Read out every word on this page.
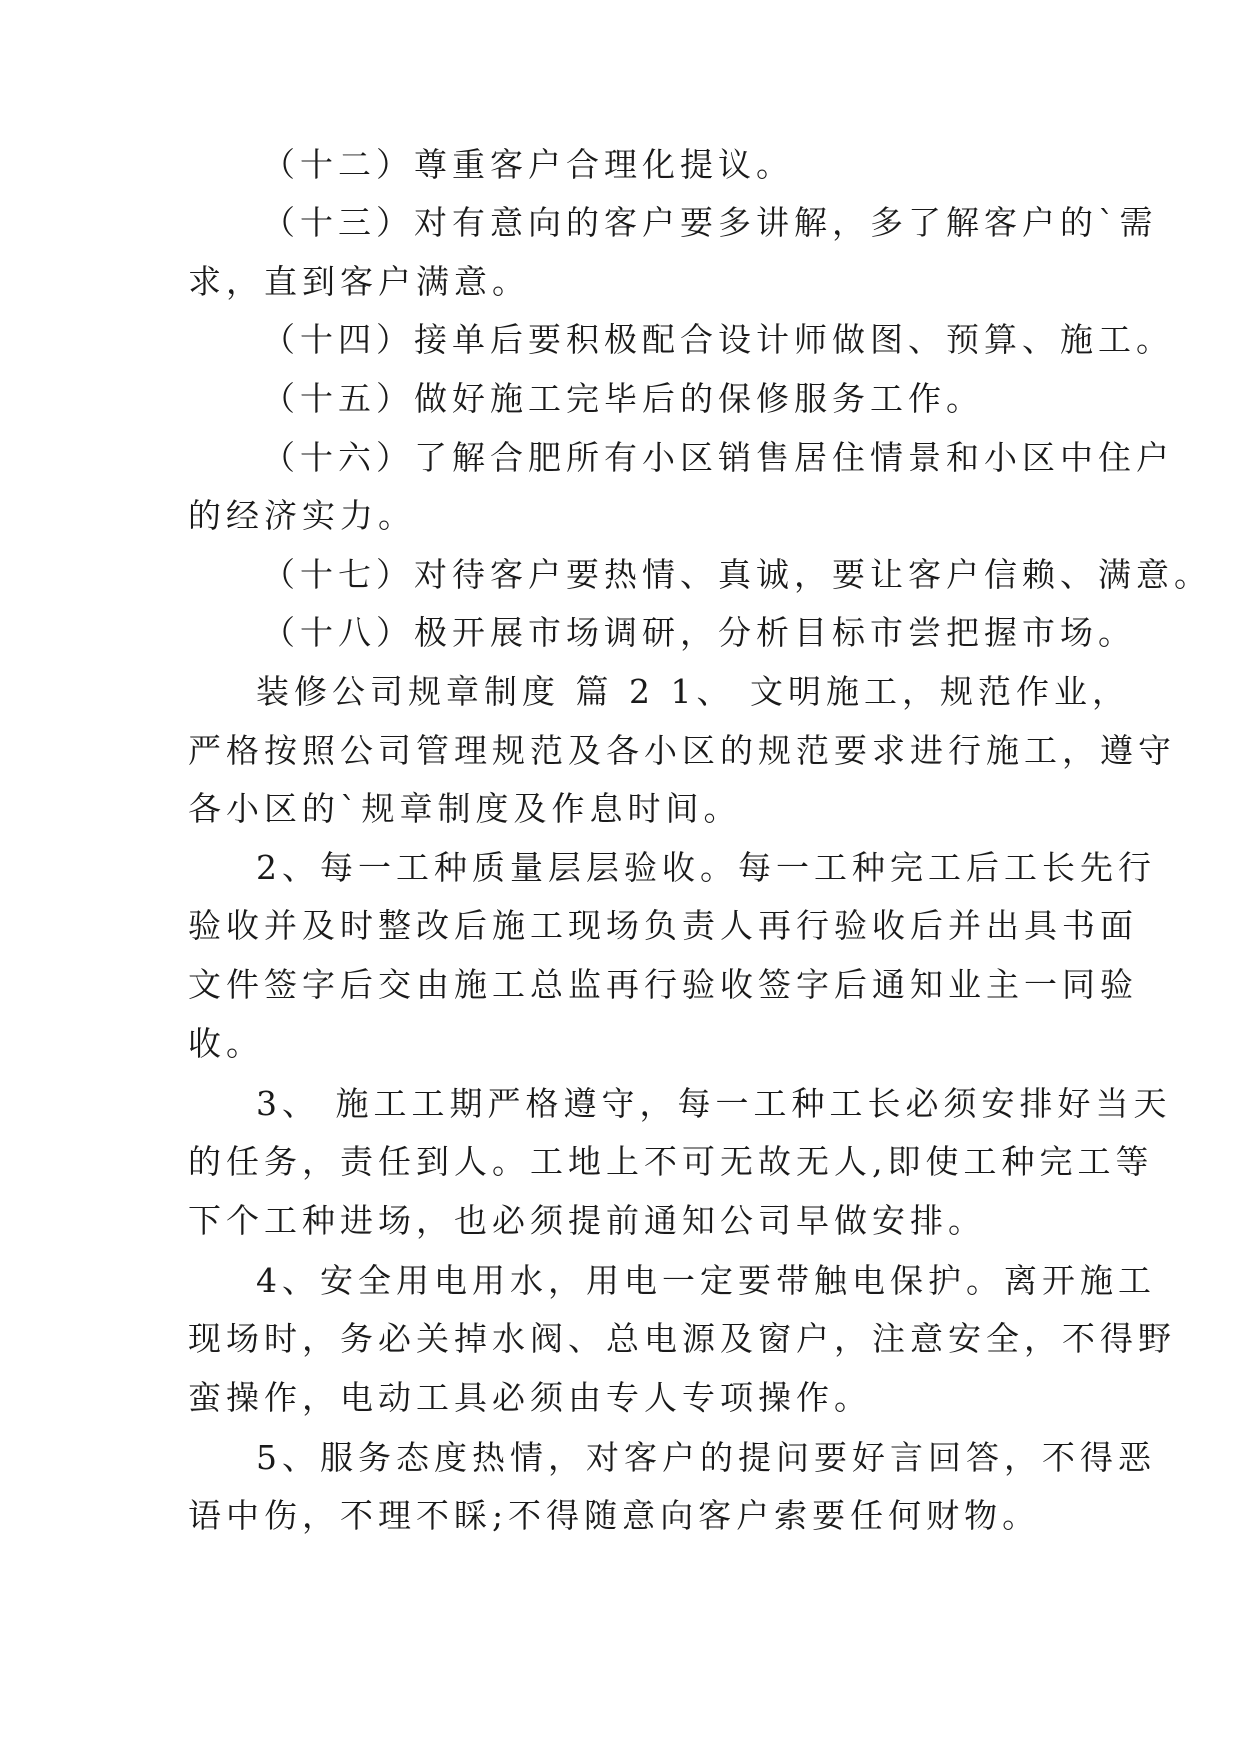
（十二）尊重客户合理化提议。
（十三）对有意向的客户要多讲解，多了解客户的`需
求，直到客户满意。
（十四）接单后要积极配合设计师做图、预算、施工。
（十五）做好施工完毕后的保修服务工作。
（十六）了解合肥所有小区销售居住情景和小区中住户
的经济实力。
（十七）对待客户要热情、真诚，要让客户信赖、满意。
（十八）极开展市场调研，分析目标市尝把握市场。
装修公司规章制度 篇 2 1、 文明施工，规范作业，
严格按照公司管理规范及各小区的规范要求进行施工，遵守
各小区的`规章制度及作息时间。
2、每一工种质量层层验收。每一工种完工后工长先行
验收并及时整改后施工现场负责人再行验收后并出具书面
文件签字后交由施工总监再行验收签字后通知业主一同验
收。
3、 施工工期严格遵守，每一工种工长必须安排好当天
的任务，责任到人。工地上不可无故无人,即使工种完工等
下个工种进场，也必须提前通知公司早做安排。
4、安全用电用水，用电一定要带触电保护。离开施工
现场时，务必关掉水阀、总电源及窗户，注意安全，不得野
蛮操作，电动工具必须由专人专项操作。
5、服务态度热情，对客户的提问要好言回答，不得恶
语中伤，不理不睬;不得随意向客户索要任何财物。
